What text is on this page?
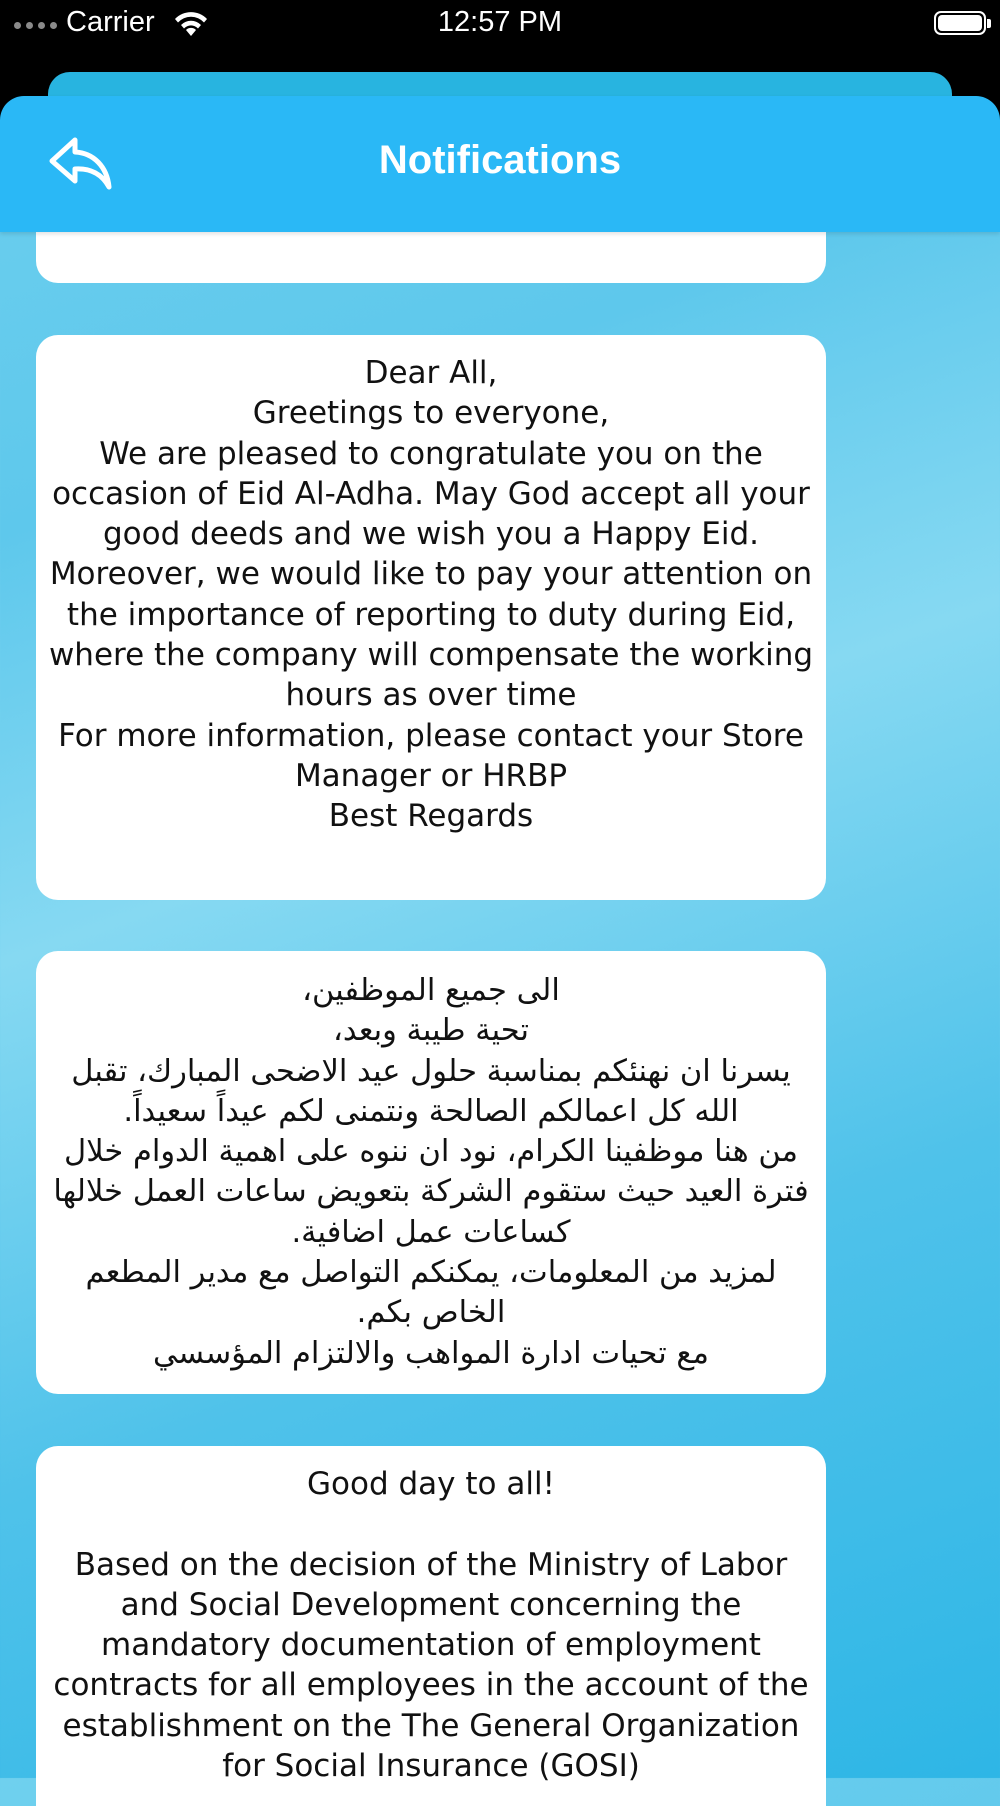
Carrier	12:57 PM
Dear All,
Greetings to everyone,
We are pleased to congratulate you on the occasion of Eid Al-Adha. May God accept all your good deeds and we wish you a Happy Eid.
Moreover, we would like to pay your attention on the importance of reporting to duty during Eid, where the company will compensate the working hours as over time
For more information, please contact your Store Manager or HRBP
Best Regards
الى جميع الموظفين،
تحية طيبة وبعد،
يسرنا ان نهنئكم بمناسبة حلول عيد الاضحى المبارك، تقبل الله كل اعمالكم الصالحة ونتمنى لكم عيداً سعيداً.
من هنا موظفينا الكرام، نود ان ننوه على اهمية الدوام خلال فترة العيد حيث ستقوم الشركة بتعويض ساعات العمل خلالها كساعات عمل اضافية.
لمزيد من المعلومات، يمكنكم التواصل مع مدير المطعم الخاص بكم.
مع تحيات ادارة المواهب والالتزام المؤسسي
Good day to all!

Based on the decision of the Ministry of Labor and Social Development concerning the mandatory documentation of employment contracts for all employees in the account of the establishment on the The General Organization for Social Insurance (GOSI)
Notifications
